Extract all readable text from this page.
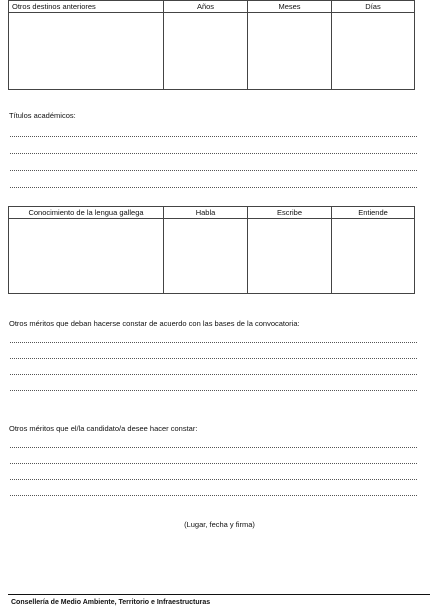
Otros destinos anteriores	Años	Meses	Días

Títulos académicos:
Conocimiento de la lengua gallega	Habla	Escribe	Entiende

Otros méritos que deban hacerse constar de acuerdo con las bases de la convocatoria:
Otros méritos que el/la candidato/a desee hacer constar:
(Lugar, fecha y firma)
Consellería de Medio Ambiente, Territorio e Infraestructuras
